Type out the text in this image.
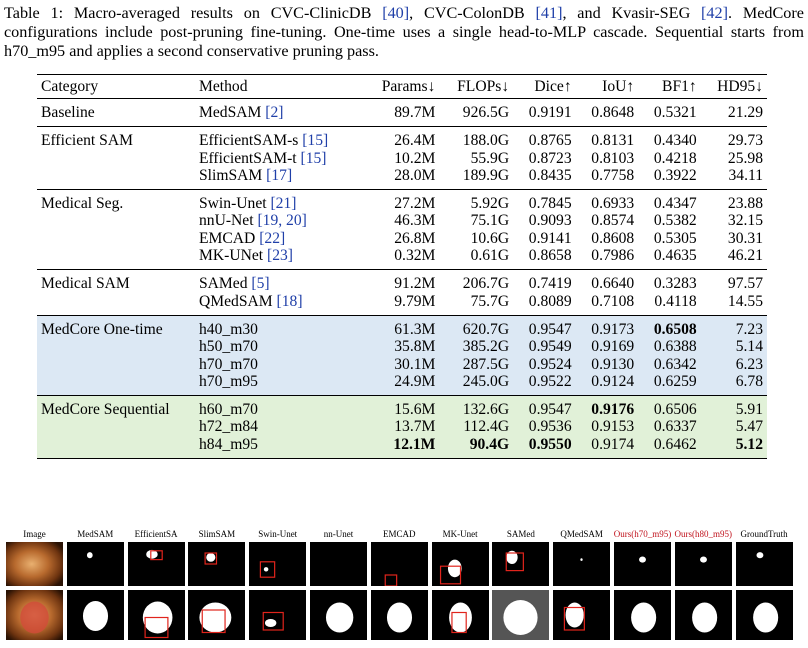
Table 1: Macro-averaged results on CVC-ClinicDB [40], CVC-ColonDB [41], and Kvasir-SEG [42]. MedCore configurations include post-pruning fine-tuning. One-time uses a single head-to-MLP cascade. Sequential starts from h70_m95 and applies a second conservative pruning pass.
Category	Method	Params↓	FLOPs↓	Dice↑	IoU↑	BF1↑	HD95↓
Baseline	MedSAM [2]	89.7M	926.5G	0.9191	0.8648	0.5321	21.29
Efficient SAM	EfficientSAM-s [15]	26.4M	188.0G	0.8765	0.8131	0.4340	29.73
	EfficientSAM-t [15]	10.2M	55.9G	0.8723	0.8103	0.4218	25.98
	SlimSAM [17]	28.0M	189.9G	0.8435	0.7758	0.3922	34.11
Medical Seg.	Swin-Unet [21]	27.2M	5.92G	0.7845	0.6933	0.4347	23.88
	nnU-Net [19, 20]	46.3M	75.1G	0.9093	0.8574	0.5382	32.15
	EMCAD [22]	26.8M	10.6G	0.9141	0.8608	0.5305	30.31
	MK-UNet [23]	0.32M	0.61G	0.8658	0.7986	0.4635	46.21
Medical SAM	SAMed [5]	91.2M	206.7G	0.7419	0.6640	0.3283	97.57
	QMedSAM [18]	9.79M	75.7G	0.8089	0.7108	0.4118	14.55
MedCore One-time	h40_m30	61.3M	620.7G	0.9547	0.9173	0.6508	7.23
	h50_m70	35.8M	385.2G	0.9549	0.9169	0.6388	5.14
	h70_m70	30.1M	287.5G	0.9524	0.9130	0.6342	6.23
	h70_m95	24.9M	245.0G	0.9522	0.9124	0.6259	6.78
MedCore Sequential	h60_m70	15.6M	132.6G	0.9547	0.9176	0.6506	5.91
	h72_m84	13.7M	112.4G	0.9536	0.9153	0.6337	5.47
	h84_m95	12.1M	90.4G	0.9550	0.9174	0.6462	5.12
Image	MedSAM	EfficientSA	SlimSAM	Swin-Unet	nn-Unet	EMCAD	MK-Unet	SAMed	QMedSAM	Ours(h70_m95) Ours(h80_m95) GroundTruth
